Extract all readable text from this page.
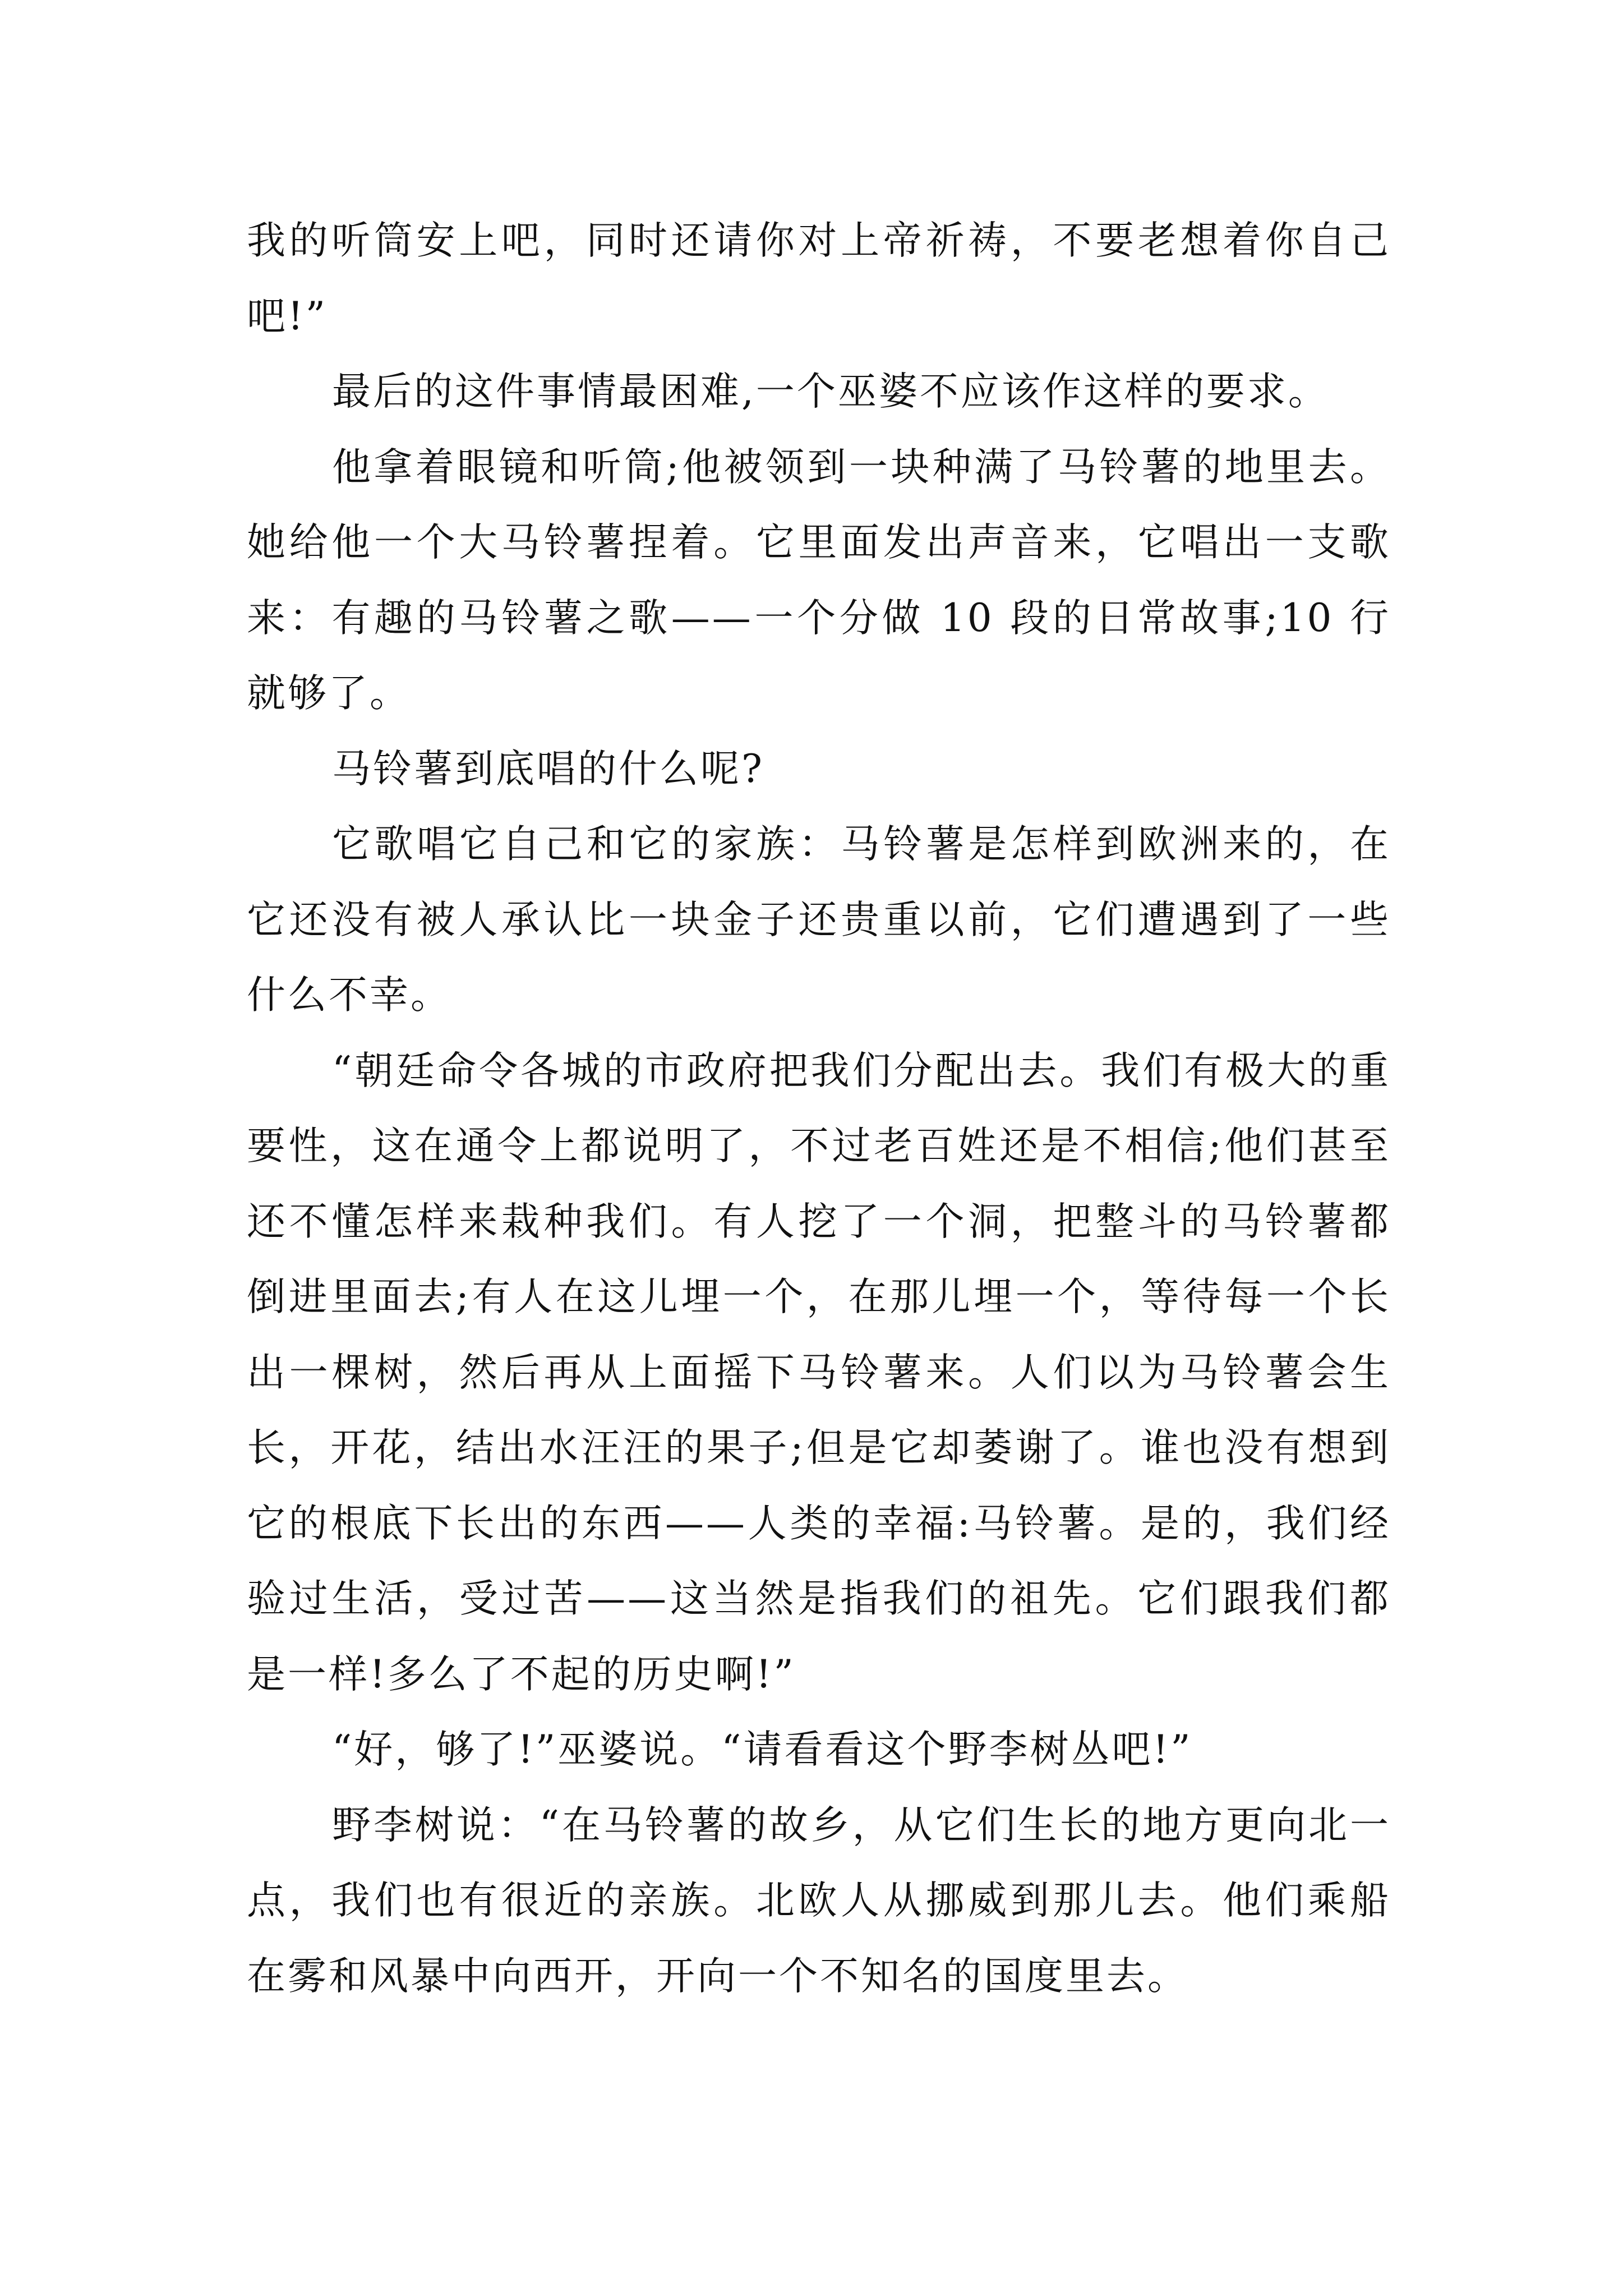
我的听筒安上吧，同时还请你对上帝祈祷，不要老想着你自己吧!”

最后的这件事情最困难,一个巫婆不应该作这样的要求。

他拿着眼镜和听筒;他被领到一块种满了马铃薯的地里去。她给他一个大马铃薯捏着。它里面发出声音来，它唱出一支歌来：有趣的马铃薯之歌——一个分做 10 段的日常故事;10 行就够了。

马铃薯到底唱的什么呢?

它歌唱它自己和它的家族：马铃薯是怎样到欧洲来的，在它还没有被人承认比一块金子还贵重以前，它们遭遇到了一些什么不幸。

“朝廷命令各城的市政府把我们分配出去。我们有极大的重要性，这在通令上都说明了，不过老百姓还是不相信;他们甚至还不懂怎样来栽种我们。有人挖了一个洞，把整斗的马铃薯都倒进里面去;有人在这儿埋一个，在那儿埋一个，等待每一个长出一棵树，然后再从上面摇下马铃薯来。人们以为马铃薯会生长，开花，结出水汪汪的果子;但是它却萎谢了。谁也没有想到它的根底下长出的东西——人类的幸福:马铃薯。是的，我们经验过生活，受过苦——这当然是指我们的祖先。它们跟我们都是一样!多么了不起的历史啊!”

“好，够了!”巫婆说。“请看看这个野李树丛吧!”

野李树说：“在马铃薯的故乡，从它们生长的地方更向北一点，我们也有很近的亲族。北欧人从挪威到那儿去。他们乘船在雾和风暴中向西开，开向一个不知名的国度里去。
